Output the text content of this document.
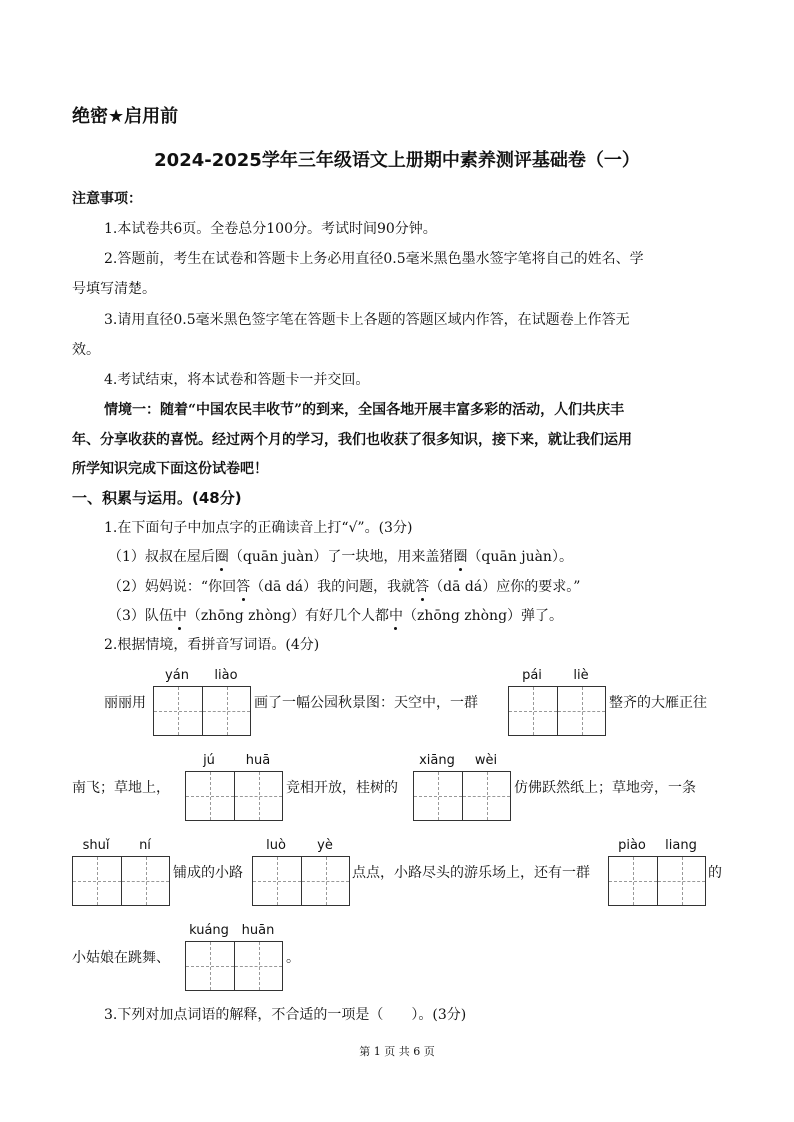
绝密★启用前
2024-2025学年三年级语文上册期中素养测评基础卷（一）
注意事项：
1.本试卷共6页。全卷总分100分。考试时间90分钟。
2.答题前，考生在试卷和答题卡上务必用直径0.5毫米黑色墨水签字笔将自己的姓名、学
号填写清楚。
3.请用直径0.5毫米黑色签字笔在答题卡上各题的答题区域内作答，在试题卷上作答无
效。
4.考试结束，将本试卷和答题卡一并交回。
情境一：随着“中国农民丰收节”的到来，全国各地开展丰富多彩的活动，人们共庆丰
年、分享收获的喜悦。经过两个月的学习，我们也收获了很多知识，接下来，就让我们运用
所学知识完成下面这份试卷吧！
一、积累与运用。(48分)
1.在下面句子中加点字的正确读音上打“√”。(3分)
（1）叔叔在屋后圈（quān juàn）了一块地，用来盖猪圈（quān juàn）。
（2）妈妈说：“你回答（dā dá）我的问题，我就答（dā dá）应你的要求。”
（3）队伍中（zhōng zhòng）有好几个人都中（zhōng zhòng）弹了。
2.根据情境，看拼音写词语。(4分)
yán	liào
丽丽用	画了一幅公园秋景图：天空中，一群
pái	liè
整齐的大雁正往
南飞；草地上，
jú	huā
竞相开放，桂树的
xiāng	wèi
仿佛跃然纸上；草地旁，一条
shuǐ	ní
铺成的小路
luò	yè
点点，小路尽头的游乐场上，还有一群
piào	liang
的
小姑娘在跳舞、
kuáng huān
。
3.下列对加点词语的解释，不合适的一项是（　　）。(3分)
第 1 页 共 6 页
